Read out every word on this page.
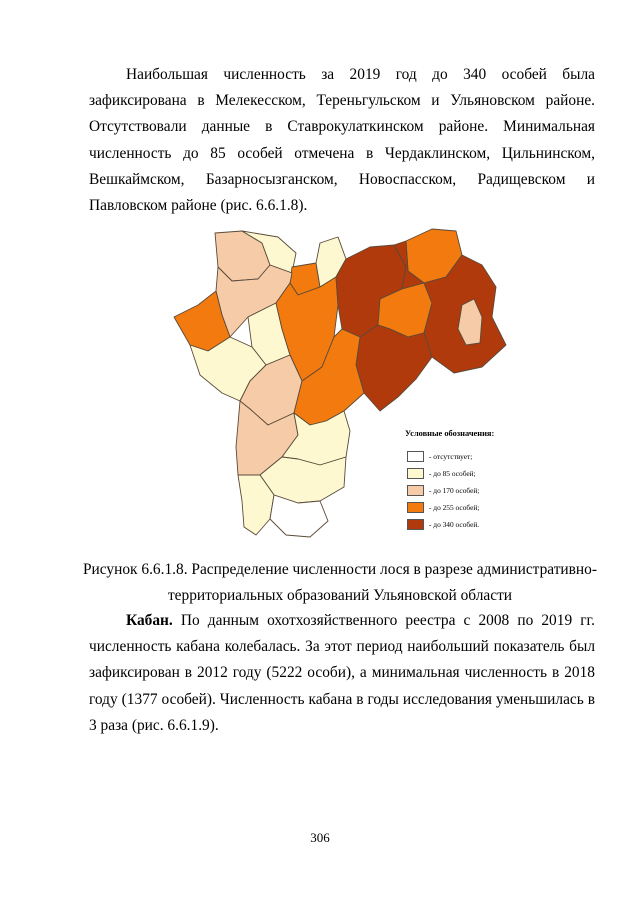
Наибольшая численность за 2019 год до 340 особей была зафиксирована в Мелекесском, Тереньгульском и Ульяновском районе. Отсутствовали данные в Ставрокулаткинском районе. Минимальная численность до 85 особей отмечена в Чердаклинском, Цильнинском, Вешкаймском, Базарносызганском, Новоспасском, Радищевском и Павловском районе (рис. 6.6.1.8).

Условные обозначения:
- отсутствует;
- до 85 особей;
- до 170 особей;
- до 255 особей;
- до 340 особей.
Рисунок 6.6.1.8. Распределение численности лося в разрезе административно-
территориальных образований Ульяновской области

Кабан. По данным охотхозяйственного реестра с 2008 по 2019 гг. численность кабана колебалась. За этот период наибольший показатель был зафиксирован в 2012 году (5222 особи), а минимальная численность в 2018 году (1377 особей). Численность кабана в годы исследования уменьшилась в 3 раза (рис. 6.6.1.9).

306
